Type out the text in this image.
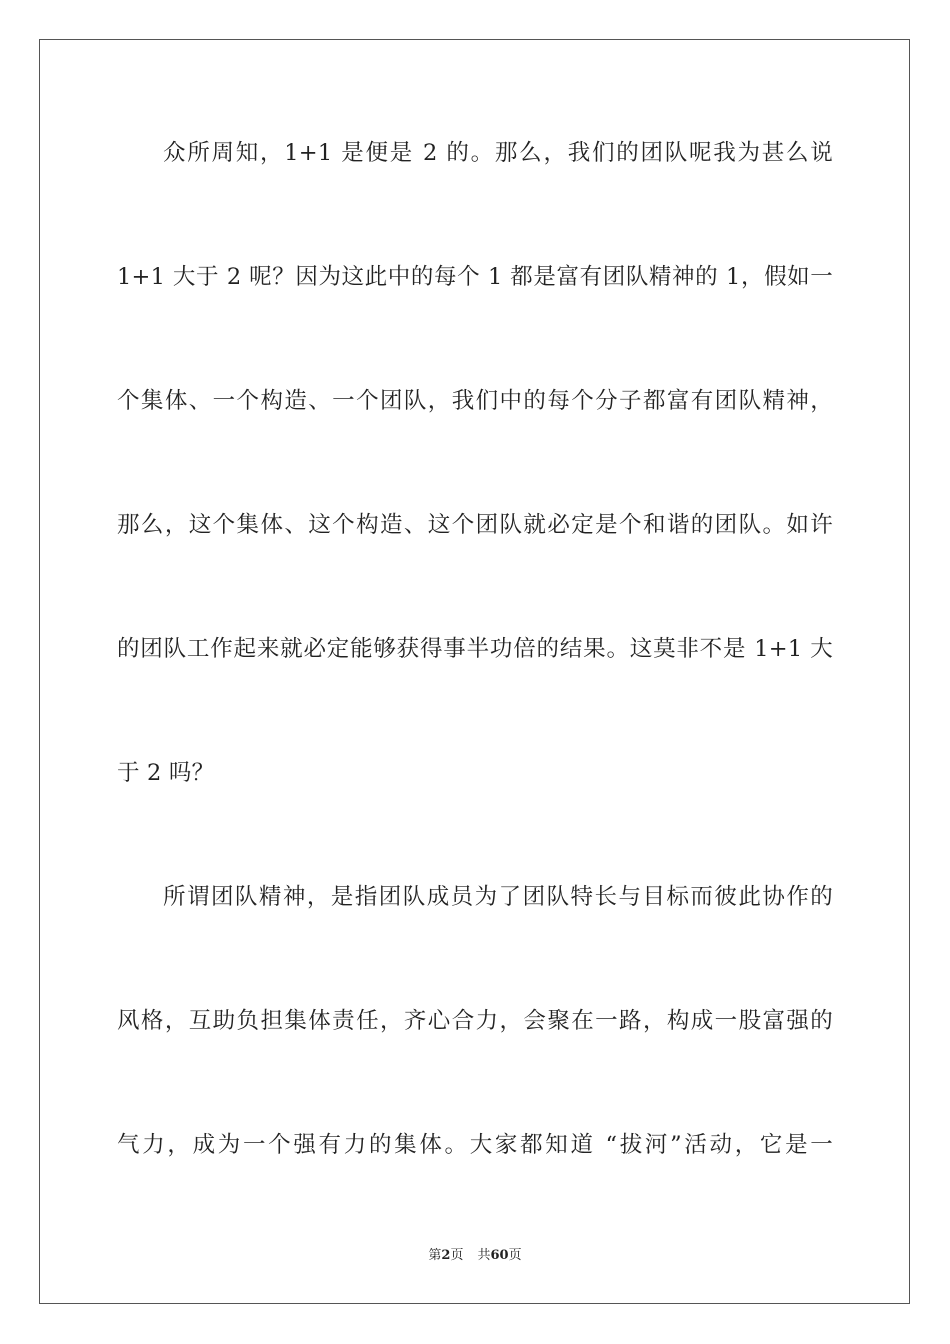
众所周知，1+1 是便是 2 的。那么，我们的团队呢我为甚么说
1+1 大于 2 呢？因为这此中的每个 1 都是富有团队精神的 1，假如一
个集体、一个构造、一个团队，我们中的每个分子都富有团队精神，
那么，这个集体、这个构造、这个团队就必定是个和谐的团队。如许
的团队工作起来就必定能够获得事半功倍的结果。这莫非不是 1+1 大
于 2 吗？
所谓团队精神，是指团队成员为了团队特长与目标而彼此协作的
风格，互助负担集体责任，齐心合力，会聚在一路，构成一股富强的
气力，成为一个强有力的集体。大家都知道 “拔河”活动，它是一
第2页 共60页
